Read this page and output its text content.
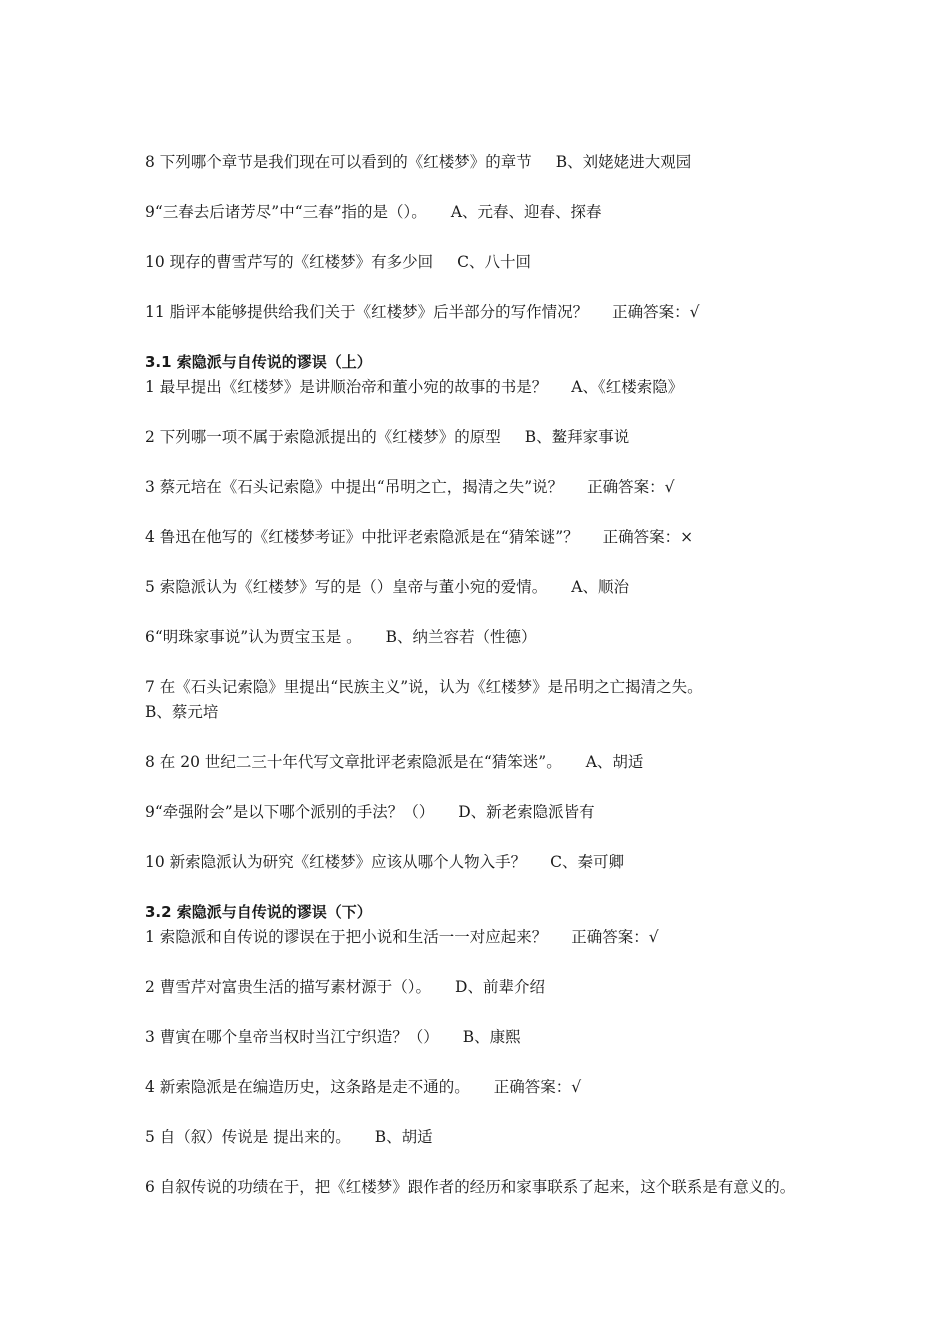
8 下列哪个章节是我们现在可以看到的《红楼梦》的章节 B、刘姥姥进大观园
9“三春去后诸芳尽”中“三春”指的是（）。 A、元春、迎春、探春
10 现存的曹雪芹写的《红楼梦》有多少回 C、八十回
11 脂评本能够提供给我们关于《红楼梦》后半部分的写作情况？ 正确答案：√
3.1 索隐派与自传说的谬误（上）
1 最早提出《红楼梦》是讲顺治帝和董小宛的故事的书是？ A、《红楼索隐》
2 下列哪一项不属于索隐派提出的《红楼梦》的原型 B、鳌拜家事说
3 蔡元培在《石头记索隐》中提出“吊明之亡，揭清之失”说？ 正确答案：√
4 鲁迅在他写的《红楼梦考证》中批评老索隐派是在“猜笨谜”？ 正确答案：×
5 索隐派认为《红楼梦》写的是（）皇帝与董小宛的爱情。 A、顺治
6“明珠家事说”认为贾宝玉是 。 B、纳兰容若（性德）
7 在《石头记索隐》里提出“民族主义”说，认为《红楼梦》是吊明之亡揭清之失。
B、蔡元培
8 在 20 世纪二三十年代写文章批评老索隐派是在“猜笨迷”。 A、胡适
9“牵强附会”是以下哪个派别的手法？（） D、新老索隐派皆有
10 新索隐派认为研究《红楼梦》应该从哪个人物入手？ C、秦可卿
3.2 索隐派与自传说的谬误（下）
1 索隐派和自传说的谬误在于把小说和生活一一对应起来？ 正确答案：√
2 曹雪芹对富贵生活的描写素材源于（）。 D、前辈介绍
3 曹寅在哪个皇帝当权时当江宁织造？（） B、康熙
4 新索隐派是在编造历史，这条路是走不通的。 正确答案：√
5 自（叙）传说是 提出来的。 B、胡适
6 自叙传说的功绩在于，把《红楼梦》跟作者的经历和家事联系了起来，这个联系是有意义的。
